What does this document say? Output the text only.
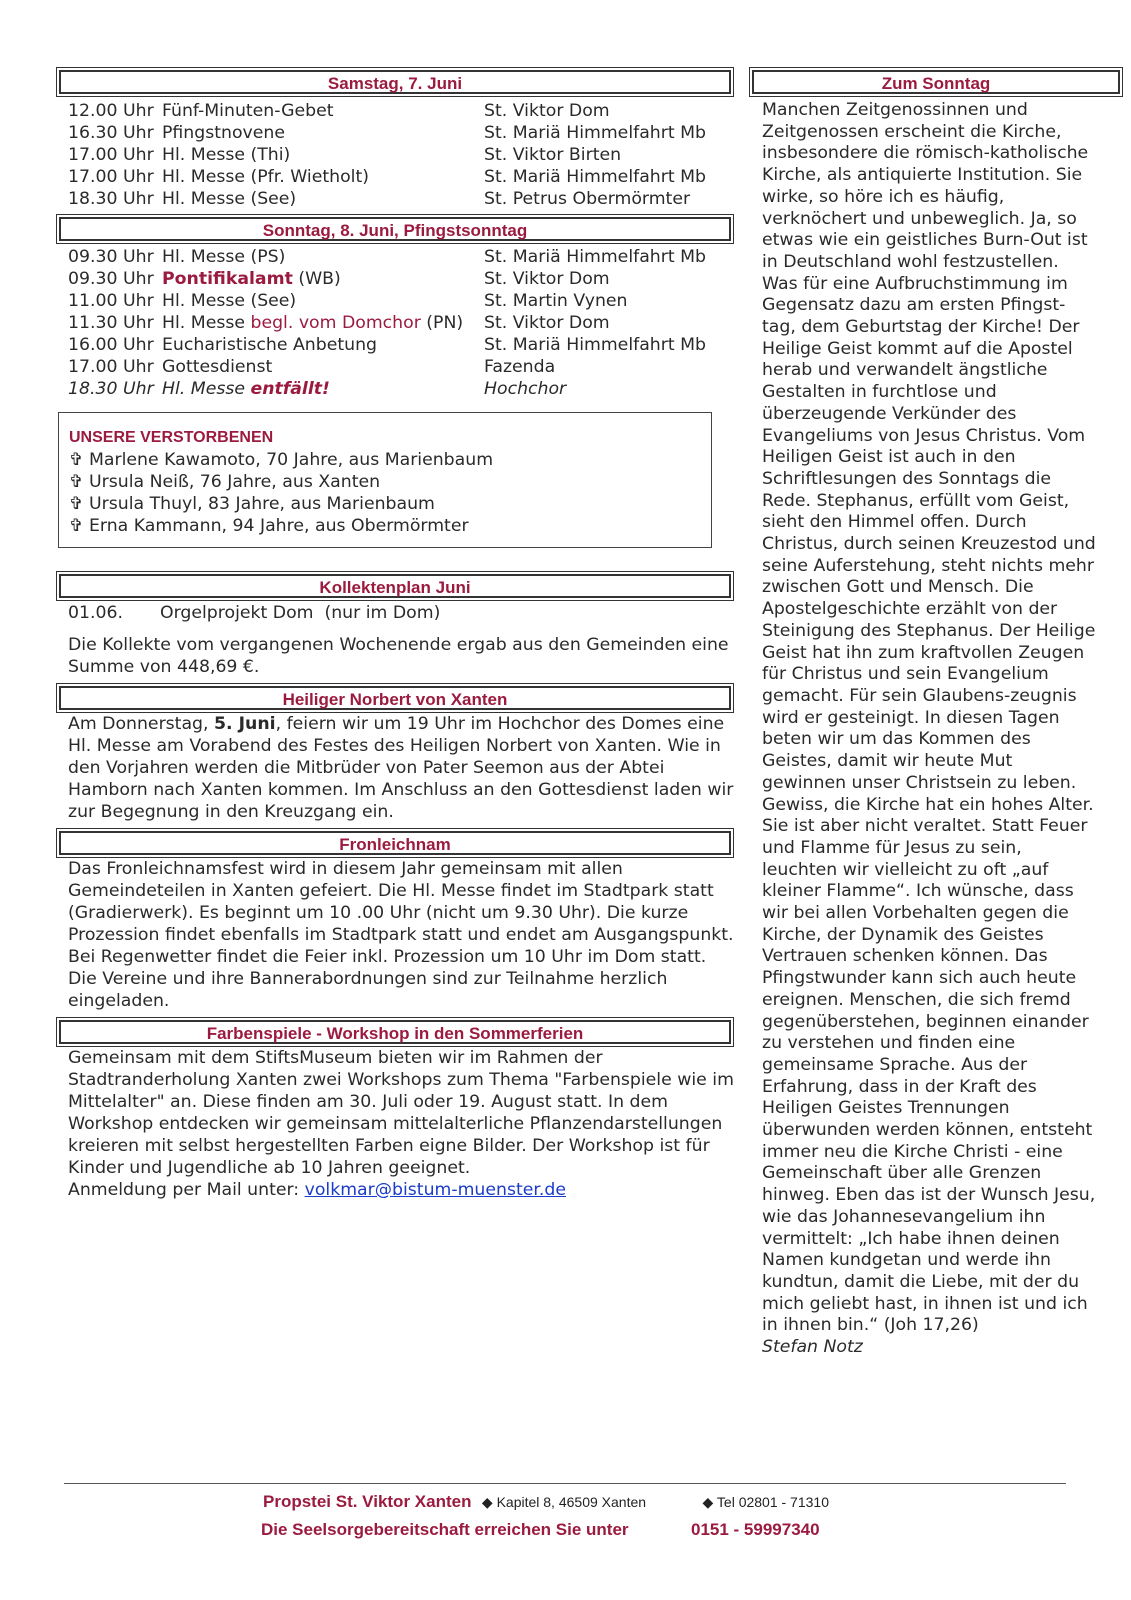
Samstag, 7. Juni
12.00 Uhr Fünf-Minuten-Gebet	St. Viktor Dom
16.30 Uhr Pfingstnovene	St. Mariä Himmelfahrt Mb
17.00 Uhr Hl. Messe (Thi)	St. Viktor Birten
17.00 Uhr Hl. Messe (Pfr. Wietholt)	St. Mariä Himmelfahrt Mb
18.30 Uhr Hl. Messe (See)	St. Petrus Obermörmter
Sonntag, 8. Juni, Pfingstsonntag
09.30 Uhr Hl. Messe (PS)	St. Mariä Himmelfahrt Mb
09.30 Uhr Pontifikalamt (WB)	St. Viktor Dom
11.00 Uhr Hl. Messe (See)	St. Martin Vynen
11.30 Uhr Hl. Messe begl. vom Domchor (PN)	St. Viktor Dom
16.00 Uhr Eucharistische Anbetung	St. Mariä Himmelfahrt Mb
17.00 Uhr Gottesdienst	Fazenda
18.30 Uhr Hl. Messe entfällt!	Hochchor
UNSERE VERSTORBENEN
✞ Marlene Kawamoto, 70 Jahre, aus Marienbaum
✞ Ursula Neiß, 76 Jahre, aus Xanten
✞ Ursula Thuyl, 83 Jahre, aus Marienbaum
✞ Erna Kammann, 94 Jahre, aus Obermörmter
Kollektenplan Juni
01.06. Orgelprojekt Dom  (nur im Dom)

Die Kollekte vom vergangenen Wochenende ergab aus den Gemeinden eine Summe von 448,69 €.

Heiliger Norbert von Xanten

Am Donnerstag, 5. Juni, feiern wir um 19 Uhr im Hochchor des Domes eine Hl. Messe am Vorabend des Festes des Heiligen Norbert von Xanten. Wie in den Vorjahren werden die Mitbrüder von Pater Seemon aus der Abtei Hamborn nach Xanten kommen. Im Anschluss an den Gottesdienst laden wir zur Begegnung in den Kreuzgang ein.

Fronleichnam

Das Fronleichnamsfest wird in diesem Jahr gemeinsam mit allen Gemeindeteilen in Xanten gefeiert. Die Hl. Messe findet im Stadtpark statt (Gradierwerk). Es beginnt um 10 .00 Uhr (nicht um 9.30 Uhr). Die kurze Prozession findet ebenfalls im Stadtpark statt und endet am Ausgangspunkt. Bei Regenwetter findet die Feier inkl. Prozession um 10 Uhr im Dom statt. Die Vereine und ihre Bannerabordnungen sind zur Teilnahme herzlich eingeladen.

Farbenspiele - Workshop in den Sommerferien

Gemeinsam mit dem StiftsMuseum bieten wir im Rahmen der Stadtranderholung Xanten zwei Workshops zum Thema "Farbenspiele wie im Mittelalter" an. Diese finden am 30. Juli oder 19. August statt. In dem Workshop entdecken wir gemeinsam mittelalterliche Pflanzendarstellungen kreieren mit selbst hergestellten Farben eigne Bilder. Der Workshop ist für Kinder und Jugendliche ab 10 Jahren geeignet.

Anmeldung per Mail unter: volkmar@bistum-muenster.de

Zum Sonntag

Manchen Zeitgenossinnen und Zeitgenossen erscheint die Kirche, insbesondere die römisch-katholische Kirche, als antiquierte Institution. Sie wirke, so höre ich es häufig, verknöchert und unbeweglich. Ja, so etwas wie ein geistliches Burn-Out ist in Deutschland wohl festzustellen. Was für eine Aufbruchstimmung im Gegensatz dazu am ersten Pfingst-tag, dem Geburtstag der Kirche! Der Heilige Geist kommt auf die Apostel herab und verwandelt ängstliche Gestalten in furchtlose und überzeugende Verkünder des Evangeliums von Jesus Christus. Vom Heiligen Geist ist auch in den Schriftlesungen des Sonntags die Rede. Stephanus, erfüllt vom Geist, sieht den Himmel offen. Durch Christus, durch seinen Kreuzestod und seine Auferstehung, steht nichts mehr zwischen Gott und Mensch. Die Apostelgeschichte erzählt von der Steinigung des Stephanus. Der Heilige Geist hat ihn zum kraftvollen Zeugen für Christus und sein Evangelium gemacht. Für sein Glaubens-zeugnis wird er gesteinigt. In diesen Tagen beten wir um das Kommen des Geistes, damit wir heute Mut gewinnen unser Christsein zu leben. Gewiss, die Kirche hat ein hohes Alter. Sie ist aber nicht veraltet. Statt Feuer und Flamme für Jesus zu sein, leuchten wir vielleicht zu oft „auf kleiner Flamme“. Ich wünsche, dass wir bei allen Vorbehalten gegen die Kirche, der Dynamik des Geistes Vertrauen schenken können. Das Pfingstwunder kann sich auch heute ereignen. Menschen, die sich fremd gegenüberstehen, beginnen einander zu verstehen und finden eine gemeinsame Sprache. Aus der Erfahrung, dass in der Kraft des Heiligen Geistes Trennungen überwunden werden können, entsteht immer neu die Kirche Christi - eine Gemeinschaft über alle Grenzen hinweg. Eben das ist der Wunsch Jesu, wie das Johannesevangelium ihn vermittelt: „Ich habe ihnen deinen Namen kundgetan und werde ihn kundtun, damit die Liebe, mit der du mich geliebt hast, in ihnen ist und ich in ihnen bin.“ (Joh 17,26)

Stefan Notz

Propstei St. Viktor Xanten ◆ Kapitel 8, 46509 Xanten	◆ Tel 02801 - 71310
Die Seelsorgebereitschaft erreichen Sie unter	0151 - 59997340
